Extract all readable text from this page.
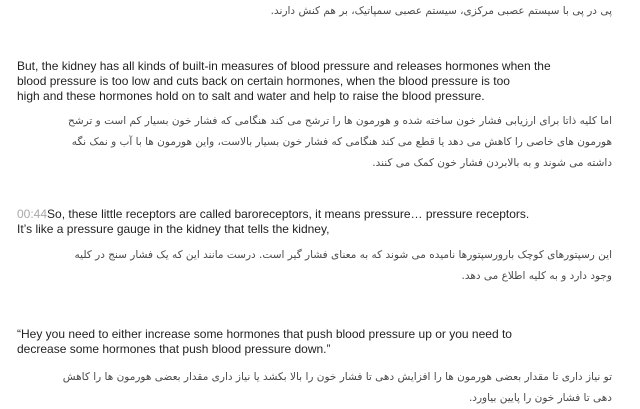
پی در پی با سیستم عصبی مرکزی، سیستم عصبی سمپاتیک، بر هم کنش دارند.
But, the kidney has all kinds of built-in measures of blood pressure and releases hormones when the
blood pressure is too low and cuts back on certain hormones, when the blood pressure is too
high and these hormones hold on to salt and water and help to raise the blood pressure.
اما کلیه ذاتا برای ارزیابی فشار خون ساخته شده و هورمون ها را ترشح می کند هنگامی که فشار خون بسیار کم است و ترشح
هورمون های خاصی را کاهش می دهد یا قطع می کند هنگامی که فشار خون بسیار بالاست، واین هورمون ها با آب و نمک نگه
داشته می شوند و به بالابردن فشار خون کمک می کنند.
00:44So, these little receptors are called baroreceptors, it means pressure… pressure receptors.
It’s like a pressure gauge in the kidney that tells the kidney,
این رسپتورهای کوچک بارورسپتورها نامیده می شوند که به معنای فشار گیر است. درست مانند این که یک فشار سنج در کلیه
وجود دارد و به کلیه اطلاع می دهد.
“Hey you need to either increase some hormones that push blood pressure up or you need to
decrease some hormones that push blood pressure down.”
تو نیاز داری تا مقدار بعضی هورمون ها را افزایش دهی تا فشار خون را بالا بکشد یا نیاز داری مقدار بعضی هورمون ها را کاهش
دهی تا فشار خون را پایین بیاورد.
